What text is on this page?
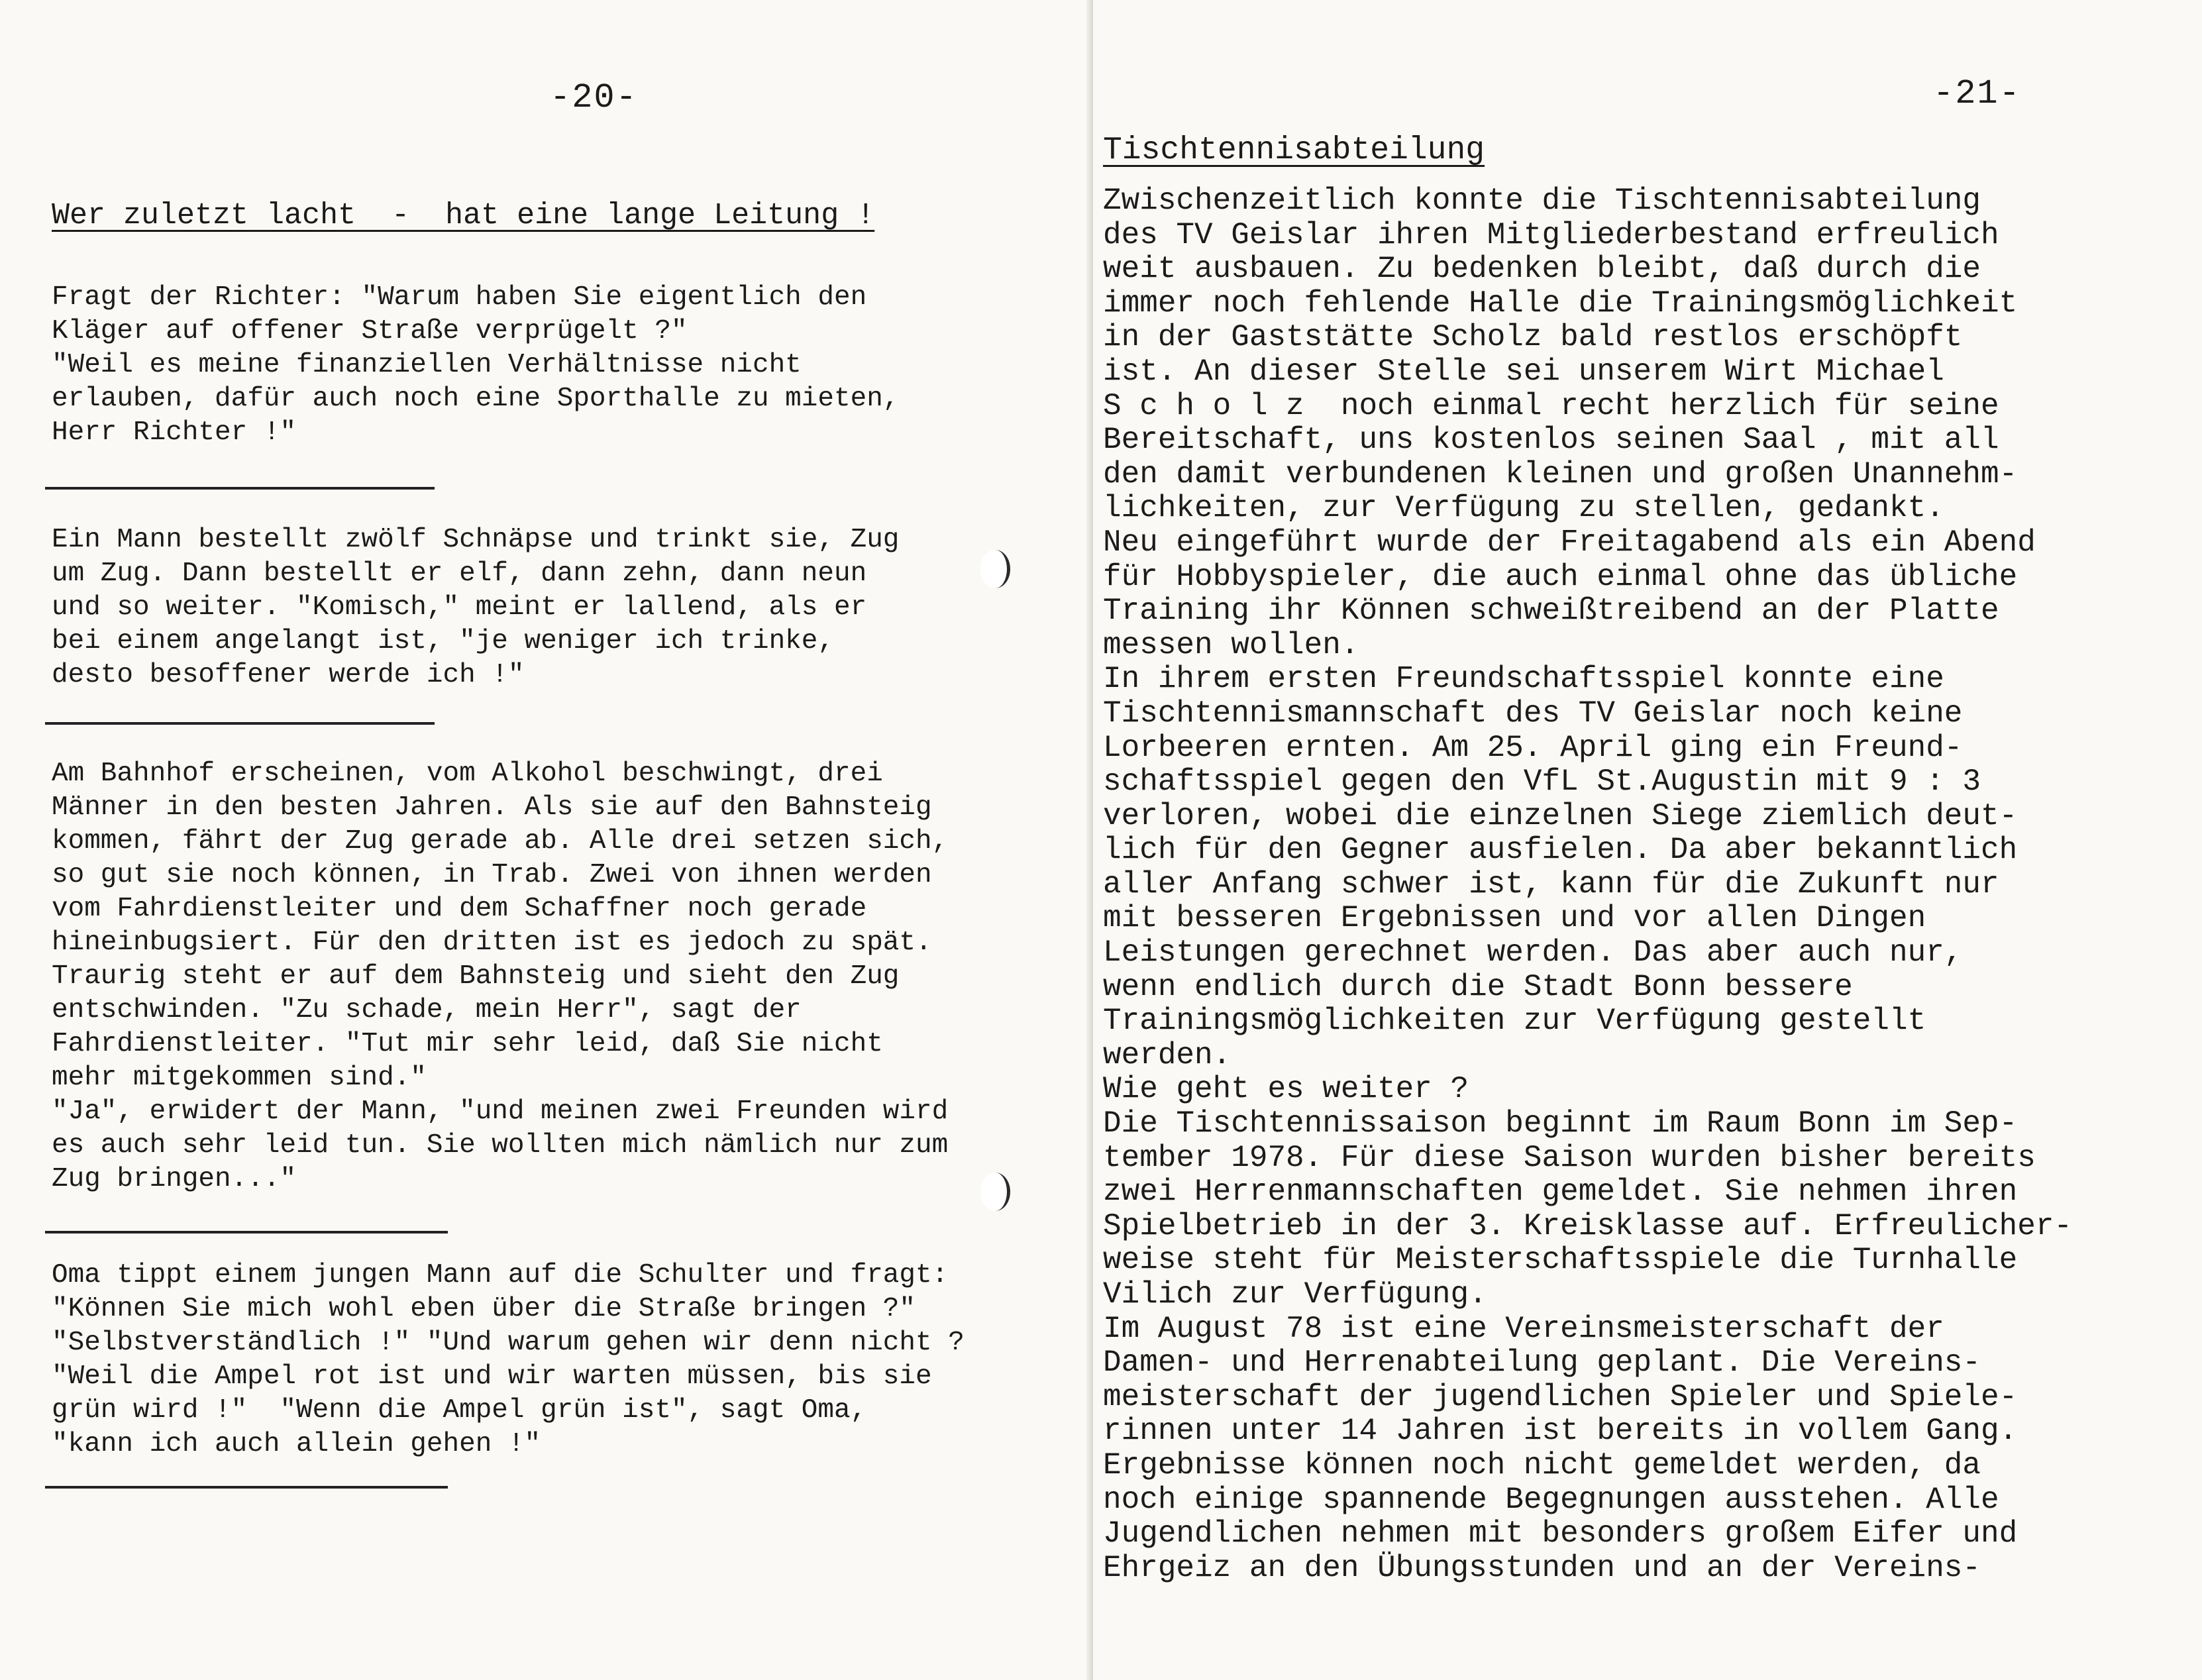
-20-
Wer zuletzt lacht  -  hat eine lange Leitung !
Fragt der Richter: "Warum haben Sie eigentlich den
Kläger auf offener Straße verprügelt ?"
"Weil es meine finanziellen Verhältnisse nicht
erlauben, dafür auch noch eine Sporthalle zu mieten,
Herr Richter !"
Ein Mann bestellt zwölf Schnäpse und trinkt sie, Zug
um Zug. Dann bestellt er elf, dann zehn, dann neun
und so weiter. "Komisch," meint er lallend, als er
bei einem angelangt ist, "je weniger ich trinke,
desto besoffener werde ich !"
Am Bahnhof erscheinen, vom Alkohol beschwingt, drei
Männer in den besten Jahren. Als sie auf den Bahnsteig
kommen, fährt der Zug gerade ab. Alle drei setzen sich,
so gut sie noch können, in Trab. Zwei von ihnen werden
vom Fahrdienstleiter und dem Schaffner noch gerade
hineinbugsiert. Für den dritten ist es jedoch zu spät.
Traurig steht er auf dem Bahnsteig und sieht den Zug
entschwinden. "Zu schade, mein Herr", sagt der
Fahrdienstleiter. "Tut mir sehr leid, daß Sie nicht
mehr mitgekommen sind."
"Ja", erwidert der Mann, "und meinen zwei Freunden wird
es auch sehr leid tun. Sie wollten mich nämlich nur zum
Zug bringen..."
Oma tippt einem jungen Mann auf die Schulter und fragt:
"Können Sie mich wohl eben über die Straße bringen ?"
"Selbstverständlich !" "Und warum gehen wir denn nicht ?
"Weil die Ampel rot ist und wir warten müssen, bis sie
grün wird !"  "Wenn die Ampel grün ist", sagt Oma,
"kann ich auch allein gehen !"
-21-
Tischtennisabteilung
Zwischenzeitlich konnte die Tischtennisabteilung
des TV Geislar ihren Mitgliederbestand erfreulich
weit ausbauen. Zu bedenken bleibt, daß durch die
immer noch fehlende Halle die Trainingsmöglichkeit
in der Gaststätte Scholz bald restlos erschöpft
ist. An dieser Stelle sei unserem Wirt Michael
S c h o l z  noch einmal recht herzlich für seine
Bereitschaft, uns kostenlos seinen Saal , mit all
den damit verbundenen kleinen und großen Unannehm-
lichkeiten, zur Verfügung zu stellen, gedankt.
Neu eingeführt wurde der Freitagabend als ein Abend
für Hobbyspieler, die auch einmal ohne das übliche
Training ihr Können schweißtreibend an der Platte
messen wollen.
In ihrem ersten Freundschaftsspiel konnte eine
Tischtennismannschaft des TV Geislar noch keine
Lorbeeren ernten. Am 25. April ging ein Freund-
schaftsspiel gegen den VfL St.Augustin mit 9 : 3
verloren, wobei die einzelnen Siege ziemlich deut-
lich für den Gegner ausfielen. Da aber bekanntlich
aller Anfang schwer ist, kann für die Zukunft nur
mit besseren Ergebnissen und vor allen Dingen
Leistungen gerechnet werden. Das aber auch nur,
wenn endlich durch die Stadt Bonn bessere
Trainingsmöglichkeiten zur Verfügung gestellt
werden.
Wie geht es weiter ?
Die Tischtennissaison beginnt im Raum Bonn im Sep-
tember 1978. Für diese Saison wurden bisher bereits
zwei Herrenmannschaften gemeldet. Sie nehmen ihren
Spielbetrieb in der 3. Kreisklasse auf. Erfreulicher-
weise steht für Meisterschaftsspiele die Turnhalle
Vilich zur Verfügung.
Im August 78 ist eine Vereinsmeisterschaft der
Damen- und Herrenabteilung geplant. Die Vereins-
meisterschaft der jugendlichen Spieler und Spiele-
rinnen unter 14 Jahren ist bereits in vollem Gang.
Ergebnisse können noch nicht gemeldet werden, da
noch einige spannende Begegnungen ausstehen. Alle
Jugendlichen nehmen mit besonders großem Eifer und
Ehrgeiz an den Übungsstunden und an der Vereins-
